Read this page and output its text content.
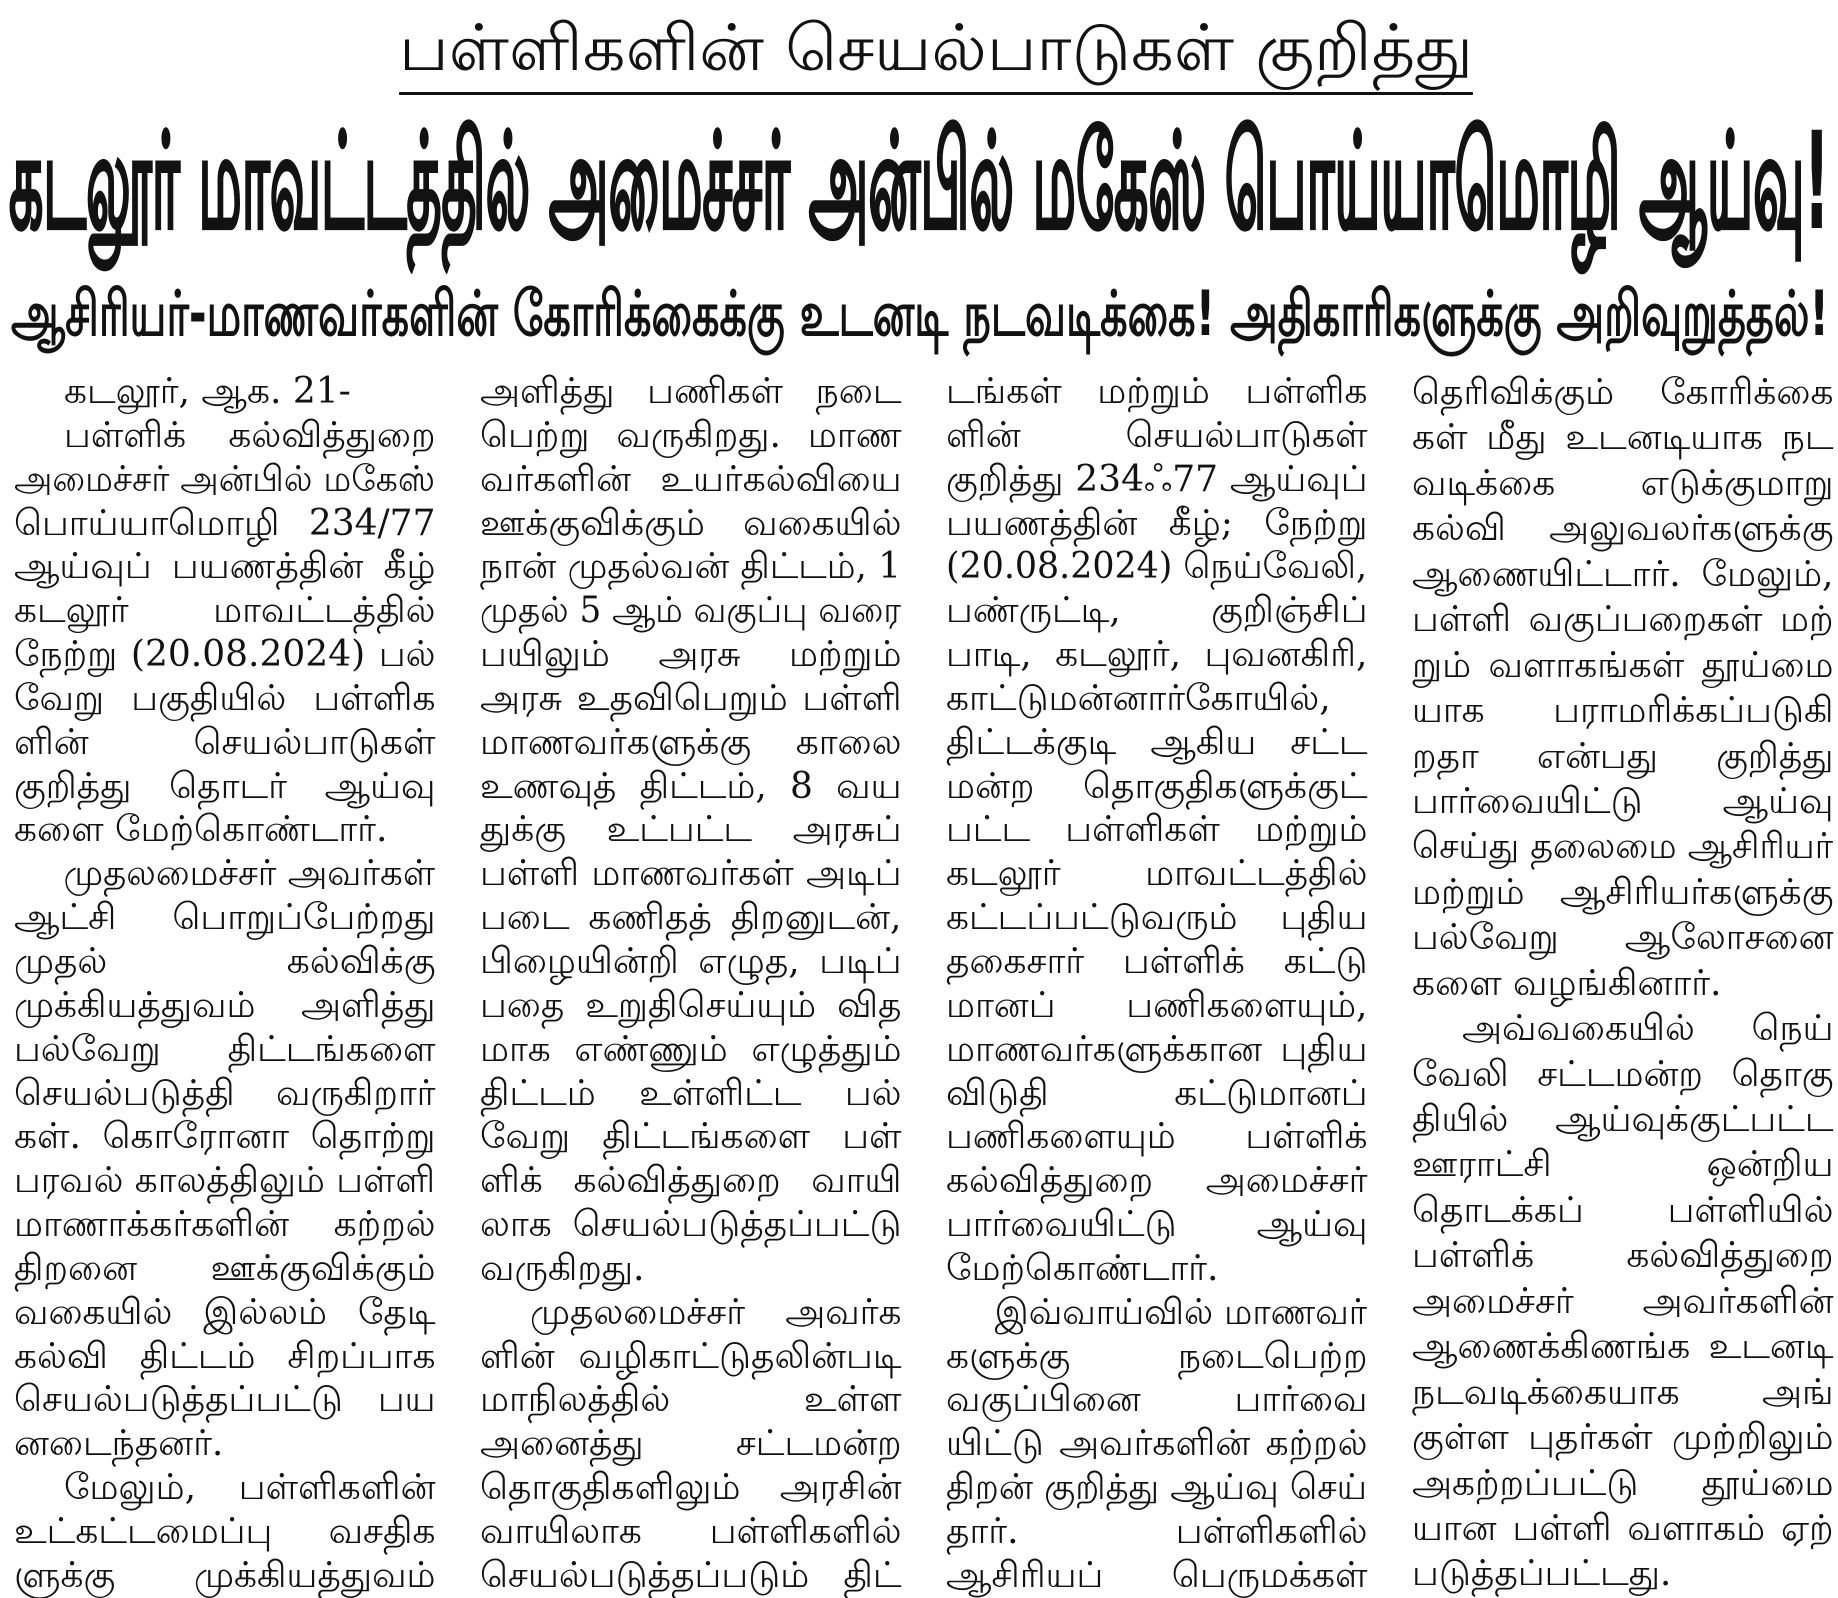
பள்ளிகளின் செயல்பாடுகள் குறித்து
கடலூர் மாவட்டத்தில் அமைச்சர் அன்பில் மகேஸ் பொய்யாமொழி ஆய்வு!
ஆசிரியர்-மாணவர்களின் கோரிக்கைக்கு உடனடி நடவடிக்கை! அதிகாரிகளுக்கு அறிவுறுத்தல்!
கடலூர், ஆக. 21-
பள்ளிக் கல்வித்துறை
அமைச்சர் அன்பில் மகேஸ்
பொய்யாமொழி 234/77
ஆய்வுப் பயணத்தின் கீழ்
கடலூர் மாவட்டத்தில்
நேற்று (20.08.2024) பல்
வேறு பகுதியில் பள்ளிக
ளின் செயல்பாடுகள்
குறித்து தொடர் ஆய்வு
களை மேற்கொண்டார்.
முதலமைச்சர் அவர்கள்
ஆட்சி பொறுப்பேற்றது
முதல் கல்விக்கு
முக்கியத்துவம் அளித்து
பல்வேறு திட்டங்களை
செயல்படுத்தி வருகிறார்
கள். கொரோனா தொற்று
பரவல் காலத்திலும் பள்ளி
மாணாக்கர்களின் கற்றல்
திறனை ஊக்குவிக்கும்
வகையில் இல்லம் தேடி
கல்வி திட்டம் சிறப்பாக
செயல்படுத்தப்பட்டு பய
னடைந்தனர்.
மேலும், பள்ளிகளின்
உட்கட்டமைப்பு வசதிக
ளுக்கு முக்கியத்துவம்
அளித்து பணிகள் நடை
பெற்று வருகிறது. மாண
வர்களின் உயர்கல்வியை
ஊக்குவிக்கும் வகையில்
நான் முதல்வன் திட்டம், 1
முதல் 5 ஆம் வகுப்பு வரை
பயிலும் அரசு மற்றும்
அரசு உதவிபெறும் பள்ளி
மாணவர்களுக்கு காலை
உணவுத் திட்டம், 8 வய
துக்கு உட்பட்ட அரசுப்
பள்ளி மாணவர்கள் அடிப்
படை கணிதத் திறனுடன்,
பிழையின்றி எழுத, படிப்
பதை உறுதிசெய்யும் வித
மாக எண்ணும் எழுத்தும்
திட்டம் உள்ளிட்ட பல்
வேறு திட்டங்களை பள்
ளிக் கல்வித்துறை வாயி
லாக செயல்படுத்தப்பட்டு
வருகிறது.
முதலமைச்சர் அவர்க
ளின் வழிகாட்டுதலின்படி
மாநிலத்தில் உள்ள
அனைத்து சட்டமன்ற
தொகுதிகளிலும் அரசின்
வாயிலாக பள்ளிகளில்
செயல்படுத்தப்படும் திட்
டங்கள் மற்றும் பள்ளிக
ளின் செயல்பாடுகள்
குறித்து 234ஃ77 ஆய்வுப்
பயணத்தின் கீழ்; நேற்று
(20.08.2024) நெய்வேலி,
பண்ருட்டி, குறிஞ்சிப்
பாடி, கடலூர், புவனகிரி,
காட்டுமன்னார்கோயில்,
திட்டக்குடி ஆகிய சட்ட
மன்ற தொகுதிகளுக்குட்
பட்ட பள்ளிகள் மற்றும்
கடலூர் மாவட்டத்தில்
கட்டப்பட்டுவரும் புதிய
தகைசார் பள்ளிக் கட்டு
மானப் பணிகளையும்,
மாணவர்களுக்கான புதிய
விடுதி கட்டுமானப்
பணிகளையும் பள்ளிக்
கல்வித்துறை அமைச்சர்
பார்வையிட்டு ஆய்வு
மேற்கொண்டார்.
இவ்வாய்வில் மாணவர்
களுக்கு நடைபெற்ற
வகுப்பினை பார்வை
யிட்டு அவர்களின் கற்றல்
திறன் குறித்து ஆய்வு செய்
தார். பள்ளிகளில்
ஆசிரியப் பெருமக்கள்
தெரிவிக்கும் கோரிக்கை
கள் மீது உடனடியாக நட
வடிக்கை எடுக்குமாறு
கல்வி அலுவலர்களுக்கு
ஆணையிட்டார். மேலும்,
பள்ளி வகுப்பறைகள் மற்
றும் வளாகங்கள் தூய்மை
யாக பராமரிக்கப்படுகி
றதா என்பது குறித்து
பார்வையிட்டு ஆய்வு
செய்து தலைமை ஆசிரியர்
மற்றும் ஆசிரியர்களுக்கு
பல்வேறு ஆலோசனை
களை வழங்கினார்.
அவ்வகையில் நெய்
வேலி சட்டமன்ற தொகு
தியில் ஆய்வுக்குட்பட்ட
ஊராட்சி ஒன்றிய
தொடக்கப் பள்ளியில்
பள்ளிக் கல்வித்துறை
அமைச்சர் அவர்களின்
ஆணைக்கிணங்க உடனடி
நடவடிக்கையாக அங்
குள்ள புதர்கள் முற்றிலும்
அகற்றப்பட்டு தூய்மை
யான பள்ளி வளாகம் ஏற்
படுத்தப்பட்டது.
